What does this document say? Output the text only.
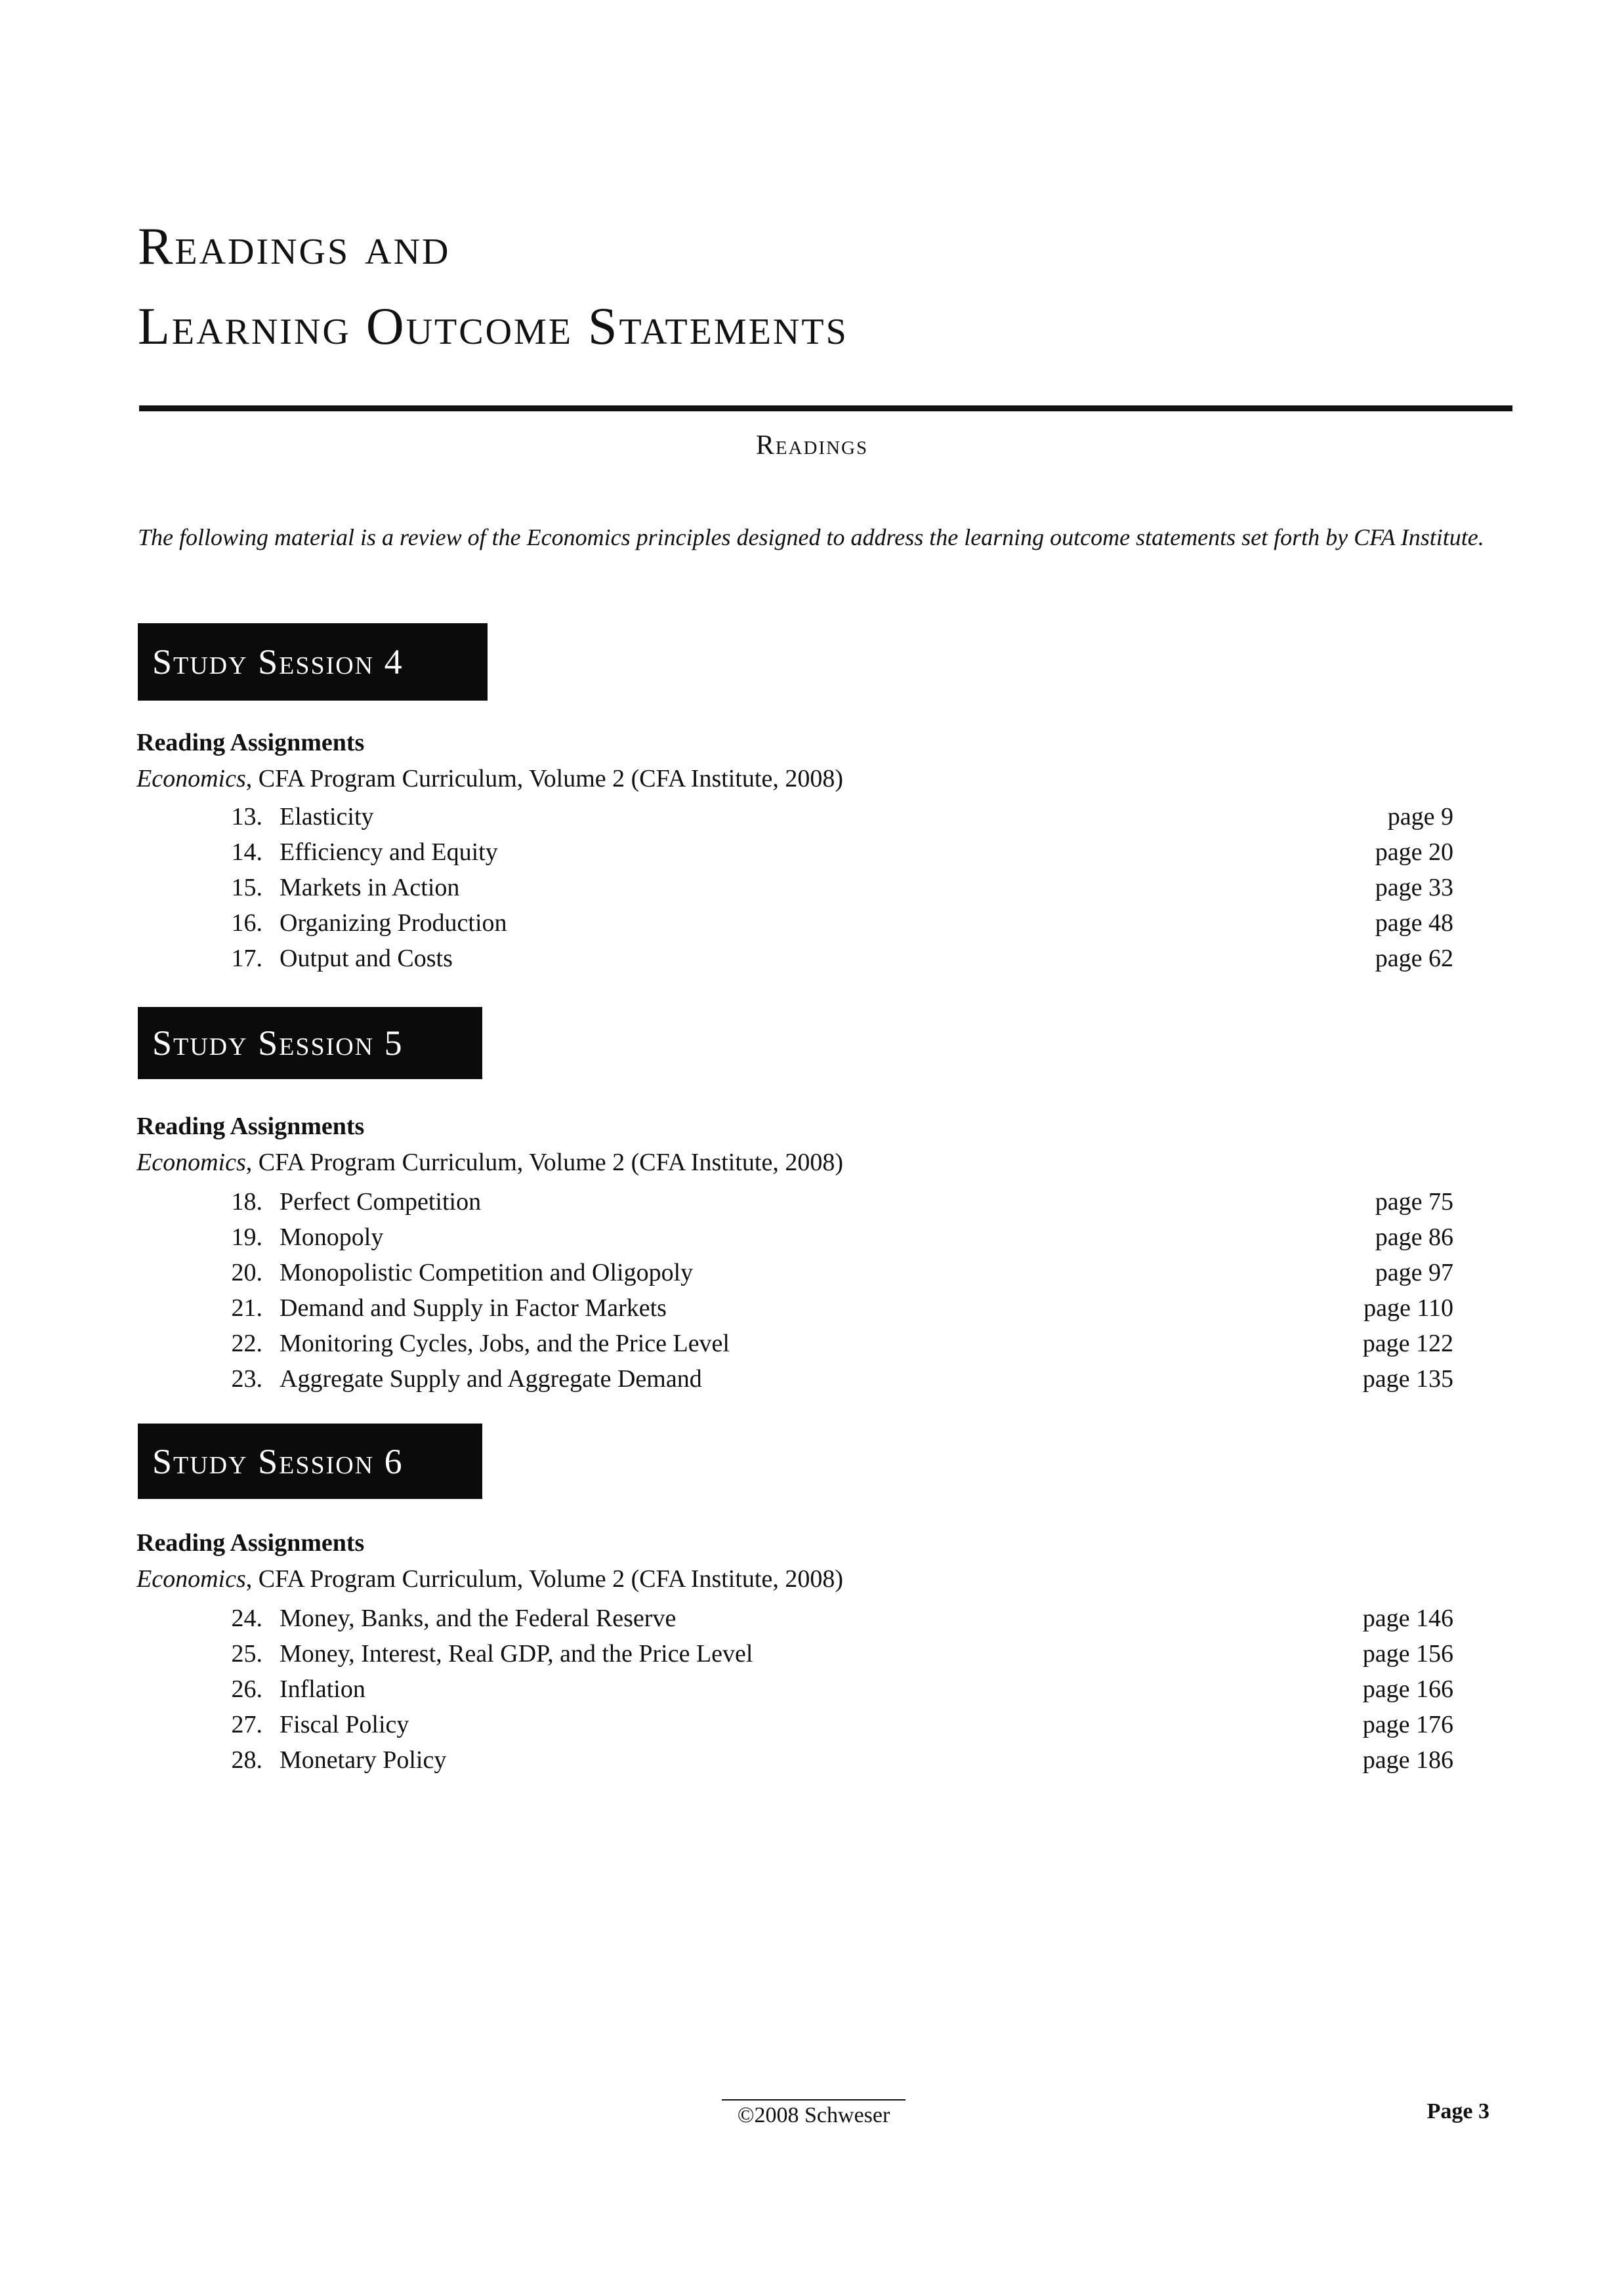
Readings and
Learning Outcome Statements
Readings
The following material is a review of the Economics principles designed to address the learning outcome statements set forth by CFA Institute.
Study Session 4
Reading Assignments
Economics, CFA Program Curriculum, Volume 2 (CFA Institute, 2008)
13. Elasticity	page 9
14. Efficiency and Equity	page 20
15. Markets in Action	page 33
16. Organizing Production	page 48
17. Output and Costs	page 62
Study Session 5
Reading Assignments
Economics, CFA Program Curriculum, Volume 2 (CFA Institute, 2008)
18. Perfect Competition	page 75
19. Monopoly	page 86
20. Monopolistic Competition and Oligopoly	page 97
21. Demand and Supply in Factor Markets	page 110
22. Monitoring Cycles, Jobs, and the Price Level	page 122
23. Aggregate Supply and Aggregate Demand	page 135
Study Session 6
Reading Assignments
Economics, CFA Program Curriculum, Volume 2 (CFA Institute, 2008)
24. Money, Banks, and the Federal Reserve	page 146
25. Money, Interest, Real GDP, and the Price Level	page 156
26. Inflation	page 166
27. Fiscal Policy	page 176
28. Monetary Policy	page 186
©2008 Schweser	Page 3
